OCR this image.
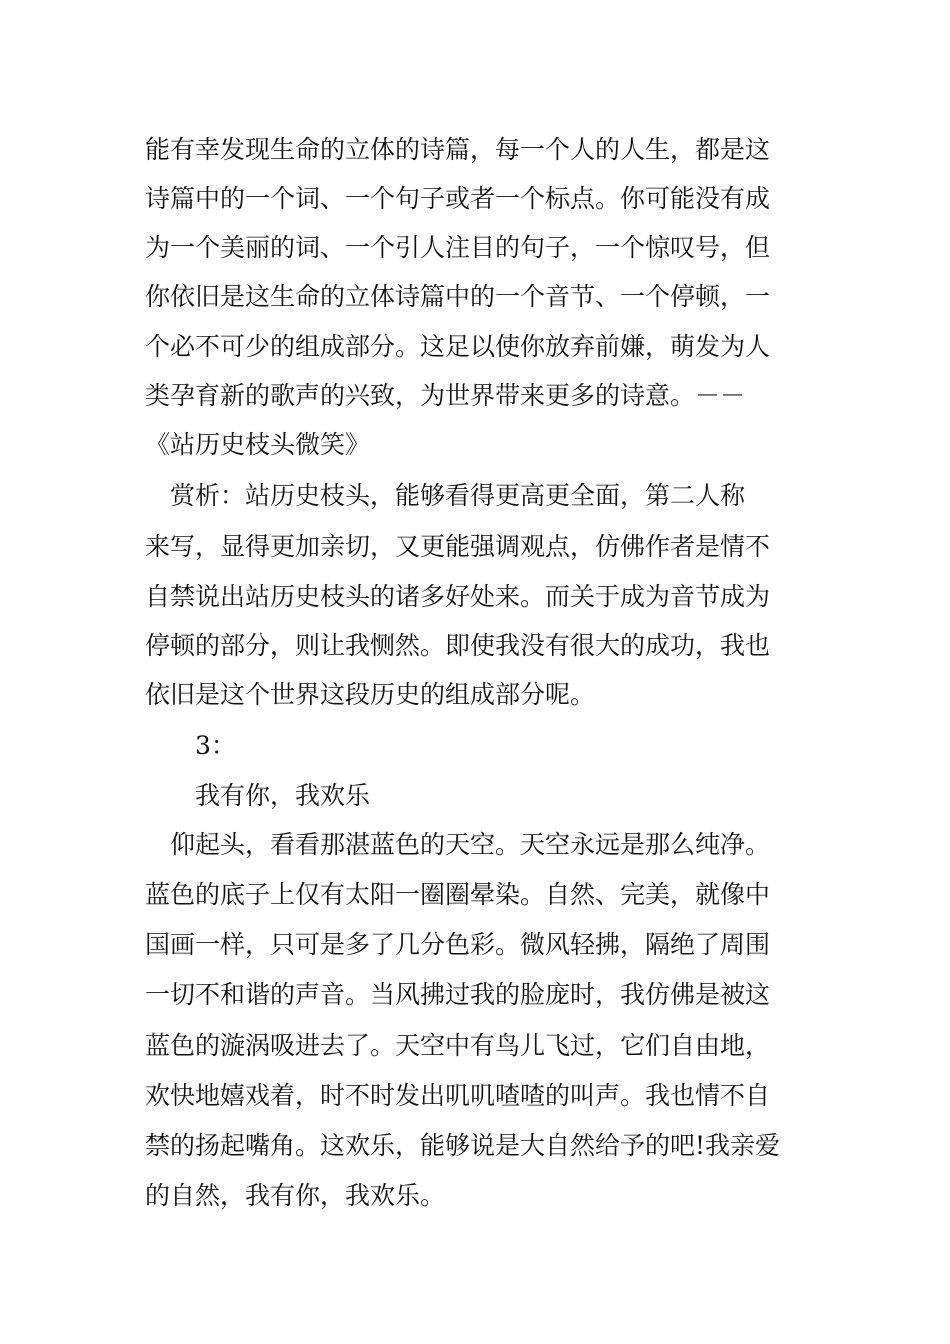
能有幸发现生命的立体的诗篇，每一个人的人生，都是这

诗篇中的一个词、一个句子或者一个标点。你可能没有成

为一个美丽的词、一个引人注目的句子，一个惊叹号，但

你依旧是这生命的立体诗篇中的一个音节、一个停顿，一

个必不可少的组成部分。这足以使你放弃前嫌，萌发为人

类孕育新的歌声的兴致，为世界带来更多的诗意。－－

《站历史枝头微笑》

　赏析：站历史枝头，能够看得更高更全面，第二人称

来写，显得更加亲切，又更能强调观点，仿佛作者是情不

自禁说出站历史枝头的诸多好处来。而关于成为音节成为

停顿的部分，则让我恻然。即使我没有很大的成功，我也

依旧是这个世界这段历史的组成部分呢。

　　3：

　　我有你，我欢乐

　仰起头，看看那湛蓝色的天空。天空永远是那么纯净。

蓝色的底子上仅有太阳一圈圈晕染。自然、完美，就像中

国画一样，只可是多了几分色彩。微风轻拂，隔绝了周围

一切不和谐的声音。当风拂过我的脸庞时，我仿佛是被这

蓝色的漩涡吸进去了。天空中有鸟儿飞过，它们自由地，

欢快地嬉戏着，时不时发出叽叽喳喳的叫声。我也情不自

禁的扬起嘴角。这欢乐，能够说是大自然给予的吧!我亲爱

的自然，我有你，我欢乐。
